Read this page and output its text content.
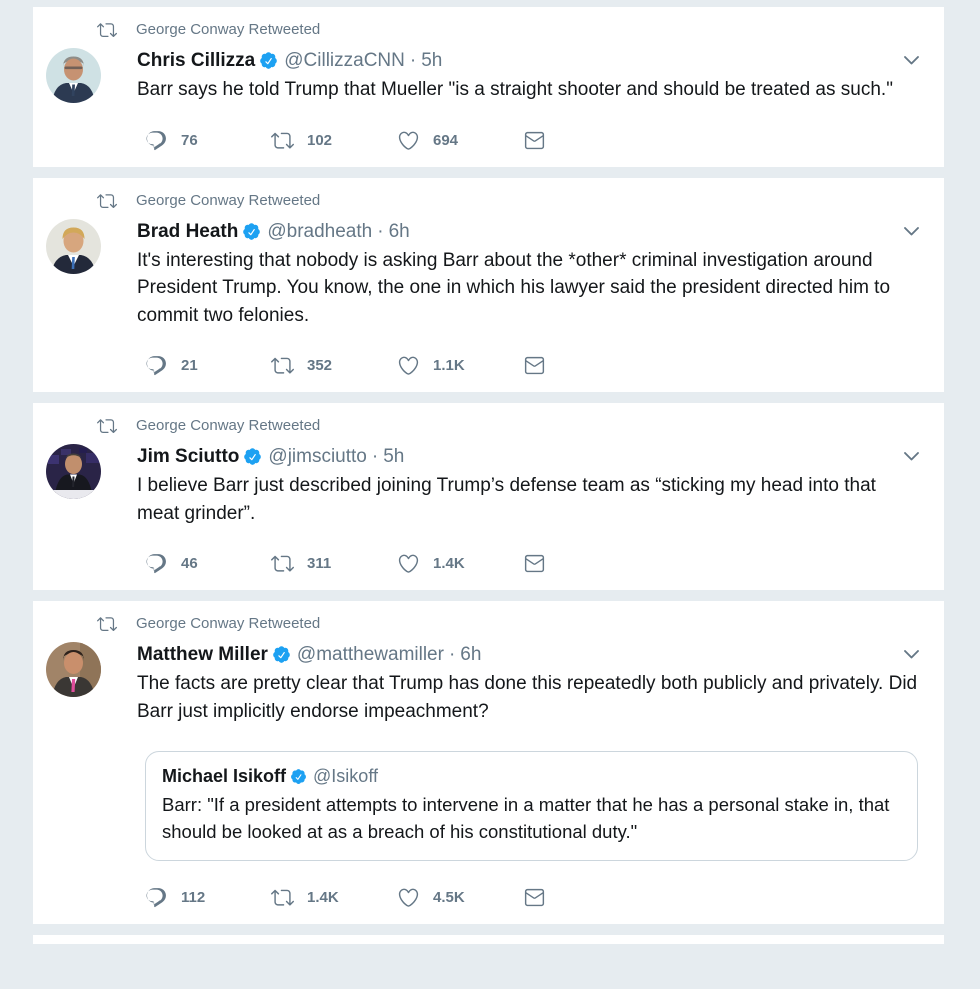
George Conway Retweeted
Chris Cillizza @CillizzaCNN · 5h

Barr says he told Trump that Mueller "is a straight shooter and should be treated as such."

76	102	694
George Conway Retweeted
Brad Heath @bradheath · 6h

It's interesting that nobody is asking Barr about the *other* criminal investigation around President Trump. You know, the one in which his lawyer said the president directed him to commit two felonies.

21	352	1.1K
George Conway Retweeted
Jim Sciutto @jimsciutto · 5h

I believe Barr just described joining Trump’s defense team as “sticking my head into that meat grinder”.

46	311	1.4K
George Conway Retweeted
Matthew Miller @matthewamiller · 6h

The facts are pretty clear that Trump has done this repeatedly both publicly and privately. Did Barr just implicitly endorse impeachment?

Michael Isikoff @Isikoff

Barr: "If a president attempts to intervene in a matter that he has a personal stake in, that should be looked at as a breach of his constitutional duty."

112	1.4K	4.5K
